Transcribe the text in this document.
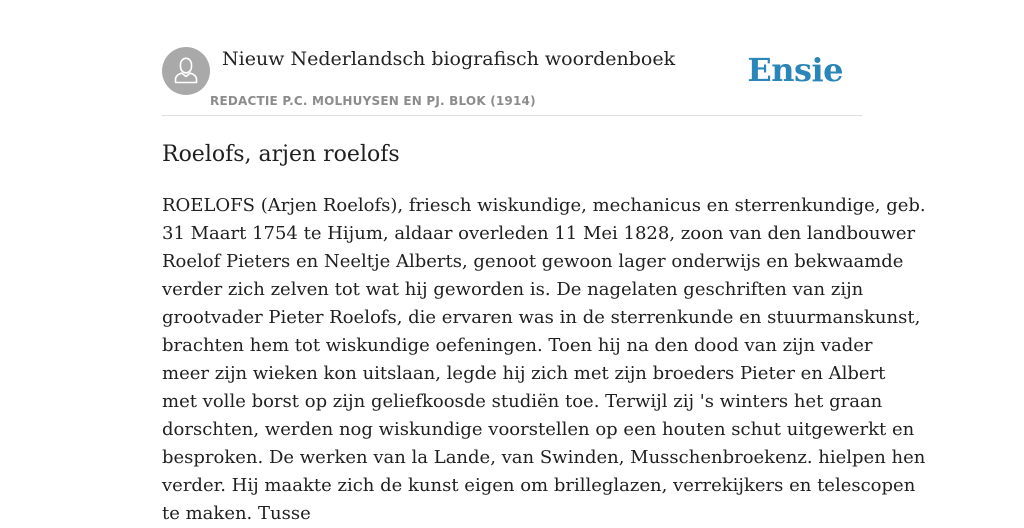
Nieuw Nederlandsch biografisch woordenboek
REDACTIE P.C. MOLHUYSEN EN PJ. BLOK (1914)
Ensie
Roelofs, arjen roelofs
ROELOFS (Arjen Roelofs), friesch wiskundige, mechanicus en sterrenkundige, geb.
31 Maart 1754 te Hijum, aldaar overleden 11 Mei 1828, zoon van den landbouwer
Roelof Pieters en Neeltje Alberts, genoot gewoon lager onderwijs en bekwaamde
verder zich zelven tot wat hij geworden is. De nagelaten geschriften van zijn
grootvader Pieter Roelofs, die ervaren was in de sterrenkunde en stuurmanskunst,
brachten hem tot wiskundige oefeningen. Toen hij na den dood van zijn vader
meer zijn wieken kon uitslaan, legde hij zich met zijn broeders Pieter en Albert
met volle borst op zijn geliefkoosde studiën toe. Terwijl zij 's winters het graan
dorschten, werden nog wiskundige voorstellen op een houten schut uitgewerkt en
besproken. De werken van la Lande, van Swinden, Musschenbroekenz. hielpen hen
verder. Hij maakte zich de kunst eigen om brilleglazen, verrekijkers en telescopen
te maken. Tusse
